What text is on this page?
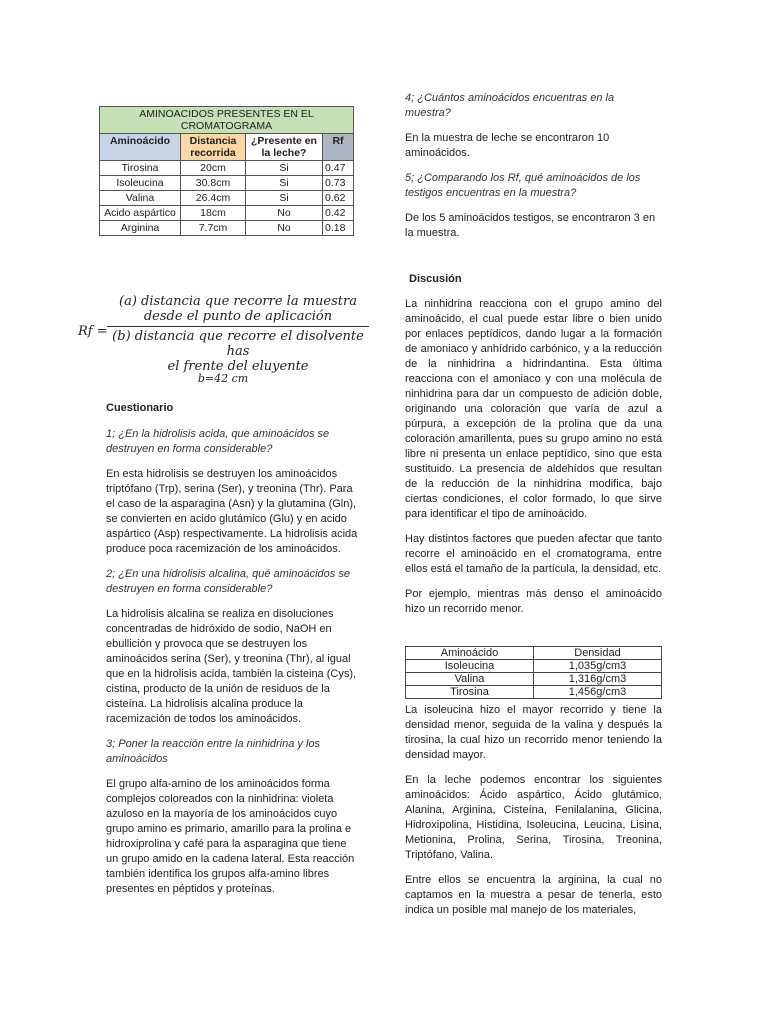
AMINOACIDOS PRESENTES EN EL CROMATOGRAMA			
Aminoácido	Distancia recorrida	¿Presente en la leche?	Rf
Tirosina	20cm	Si	0.47
Isoleucina	30.8cm	Si	0.73
Valina	26.4cm	Si	0.62
Acido aspártico	18cm	No	0.42
Arginina	7.7cm	No	0.18
Rf =
(a) distancia que recorre la muestra
desde el punto de aplicación
(b) distancia que recorre el disolvente has
el frente del eluyente
b=42 cm

Cuestionario

1; ¿En la hidrolisis acida, que aminoácidos se destruyen en forma considerable?

En esta hidrolisis se destruyen los aminoácidos triptófano (Trp), serina (Ser), y treonina (Thr). Para el caso de la asparagina (Asn) y la glutamina (Gln), se convierten en acido glutámico (Glu) y en acido aspártico (Asp) respectivamente. La hidrolisis acida produce poca racemización de los aminoácidos.

2; ¿En una hidrolisis alcalina, qué aminoácidos se destruyen en forma considerable?

La hidrolisis alcalina se realiza en disoluciones concentradas de hidróxido de sodio, NaOH en ebullición y provoca que se destruyen los aminoácidos serina (Ser), y treonina (Thr), al igual que en la hidrolisis acida, también la cisteina (Cys), cistina, producto de la unión de residuos de la cisteína. La hidrolisis alcalina produce la racemización de todos los aminoácidos.

3; Poner la reacción entre la ninhidrina y los aminoácidos

El grupo alfa-amino de los aminoácidos forma complejos coloreados con la ninhidrina: violeta azuloso en la mayoría de los aminoácidos cuyo grupo amino es primario, amarillo para la prolina e hidroxiprolina y café para la asparagina que tiene un grupo amido en la cadena lateral. Esta reacción también identifica los grupos alfa-amino libres presentes en péptidos y proteínas.

4; ¿Cuántos aminoácidos encuentras en la muestra?

En la muestra de leche se encontraron 10 aminoácidos.

5; ¿Comparando los Rf, qué aminoácidos de los testigos encuentras en la muestra?

De los 5 aminoácidos testigos, se encontraron 3 en la muestra.

Discusión

La ninhidrina reacciona con el grupo amino del aminoácido, el cual puede estar libre o bien unido por enlaces peptídicos, dando lugar a la formación de amoniaco y anhídrido carbónico, y a la reducción de la ninhidrina a hidrindantina. Esta última reacciona con el amoniaco y con una molécula de ninhidrina para dar un compuesto de adición doble, originando una coloración que varía de azul a púrpura, a excepción de la prolina que da una coloración amarillenta, pues su grupo amino no está libre ni presenta un enlace peptídico, sino que esta sustituido. La presencia de aldehídos que resultan de la reducción de la ninhidrina modifica, bajo ciertas condiciones, el color formado, lo que sirve para identificar el tipo de aminoácido.

Hay distintos factores que pueden afectar que tanto recorre el aminoácido en el cromatograma, entre ellos está el tamaño de la partícula, la densidad, etc.

Por ejemplo, mientras más denso el aminoácido hizo un recorrido menor.

Aminoácido	Densidad
Isoleucina	1,035g/cm3
Valina	1,316g/cm3
Tirosina	1,456g/cm3

La isoleucina hizo el mayor recorrido y tiene la densidad menor, seguida de la valina y después la tirosina, la cual hizo un recorrido menor teniendo la densidad mayor.

En la leche podemos encontrar los siguientes aminoácidos: Ácido aspártico, Ácido glutámico, Alanina, Arginina, Cisteína, Fenilalanina, Glicina, Hidroxipolina, Histidina, Isoleucina, Leucina, Lisina, Metionina, Prolina, Serina, Tirosina, Treonina, Triptófano, Valina.

Entre ellos se encuentra la arginina, la cual no captamos en la muestra a pesar de tenerla, esto indica un posible mal manejo de los materiales,
